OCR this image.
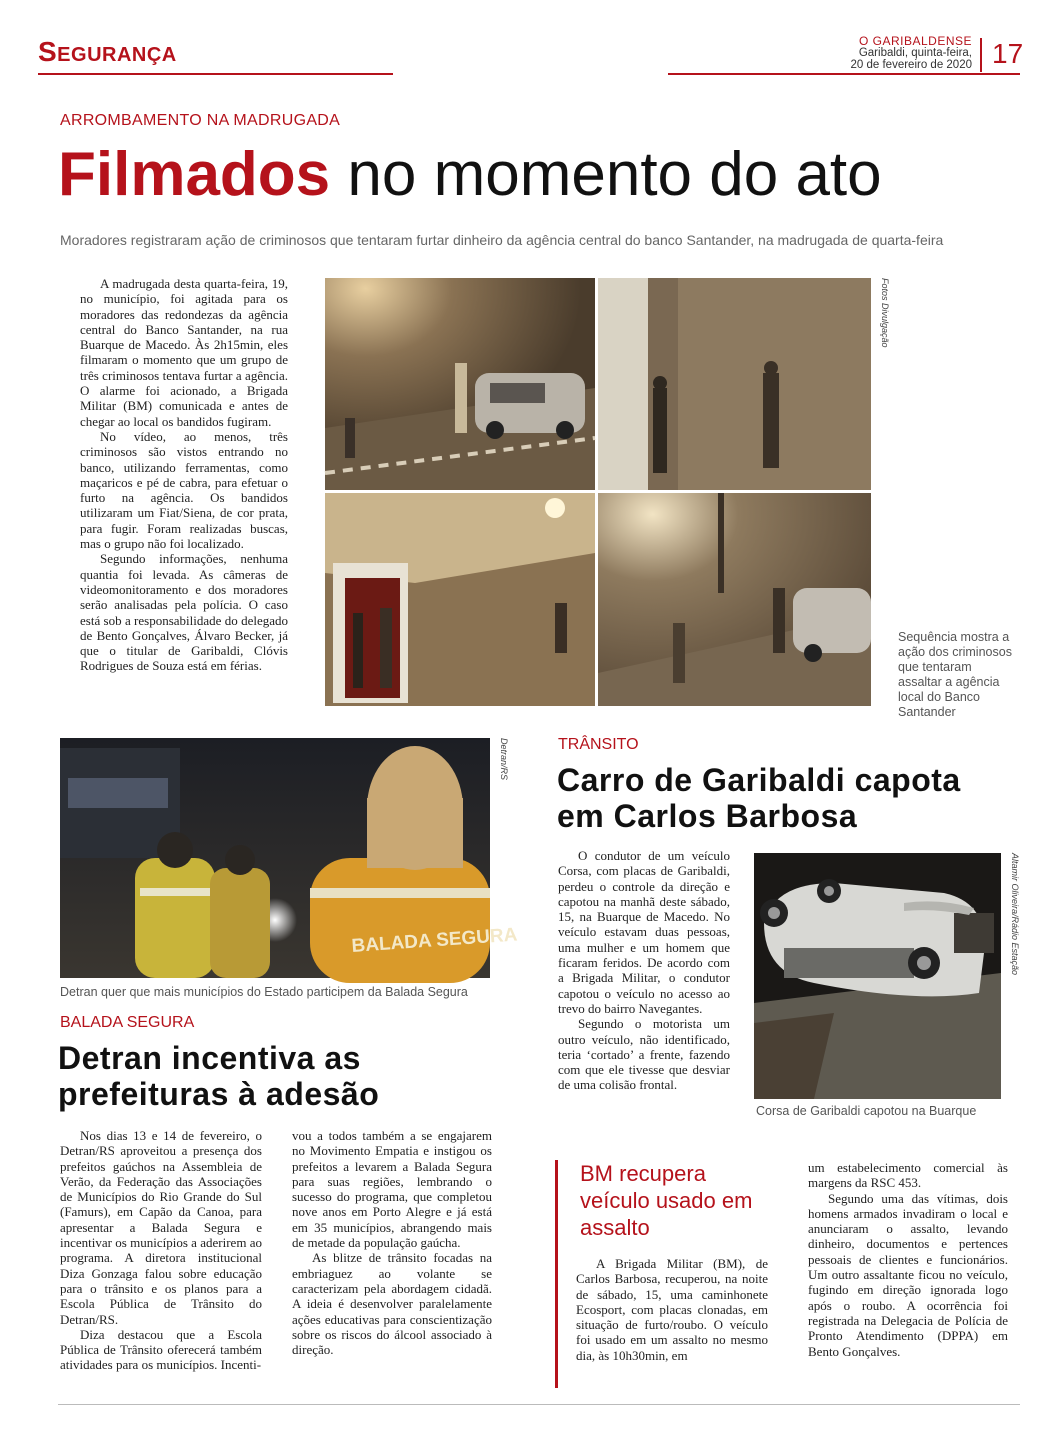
Segurança	O GARIBALDENSE
Garibaldi, quinta-feira,
20 de fevereiro de 2020 17
ARROMBAMENTO NA MADRUGADA
Filmados no momento do ato
Moradores registraram ação de criminosos que tentaram furtar dinheiro da agência central do banco Santander, na madrugada de quarta-feira

A madrugada desta quarta-feira, 19, no município, foi agitada para os moradores das redondezas da agência central do Banco Santander, na rua Buarque de Macedo. Às 2h15min, eles filmaram o momento que um grupo de três criminosos tentava furtar a agência. O alarme foi acionado, a Brigada Militar (BM) comunicada e antes de chegar ao local os bandidos fugiram.

No vídeo, ao menos, três criminosos são vistos entrando no banco, utilizando ferramentas, como maçaricos e pé de cabra, para efetuar o furto na agência. Os bandidos utilizaram um Fiat/Siena, de cor prata, para fugir. Foram realizadas buscas, mas o grupo não foi localizado.

Segundo informações, nenhuma quantia foi levada. As câmeras de videomonitoramento e dos moradores serão analisadas pela polícia. O caso está sob a responsabilidade do delegado de Bento Gonçalves, Álvaro Becker, já que o titular de Garibaldi, Clóvis Rodrigues de Souza está em férias.

Fotos Divulgação
Sequência mostra a ação dos criminosos que tentaram assaltar a agência local do Banco Santander
BALADA SEGURA
Detran/RS
Detran quer que mais municípios do Estado participem da Balada Segura
BALADA SEGURA
Detran incentiva as prefeituras à adesão

Nos dias 13 e 14 de fevereiro, o Detran/RS aproveitou a presença dos prefeitos gaúchos na Assembleia de Verão, da Federação das Associações de Municípios do Rio Grande do Sul (Famurs), em Capão da Canoa, para apresentar a Balada Segura e incentivar os municípios a aderirem ao programa. A diretora institucional Diza Gonzaga falou sobre educação para o trânsito e os planos para a Escola Pública de Trânsito do Detran/RS.

Diza destacou que a Escola Pública de Trânsito oferecerá também atividades para os municípios. Incenti-

vou a todos também a se engajarem no Movimento Empatia e instigou os prefeitos a levarem a Balada Segura para suas regiões, lembrando o sucesso do programa, que completou nove anos em Porto Alegre e já está em 35 municípios, abrangendo mais de metade da população gaúcha.

As blitze de trânsito focadas na embriaguez ao volante se caracterizam pela abordagem cidadã. A ideia é desenvolver paralelamente ações educativas para conscientização sobre os riscos do álcool associado à direção.

TRÂNSITO
Carro de Garibaldi capota em Carlos Barbosa

O condutor de um veículo Corsa, com placas de Garibaldi, perdeu o controle da direção e capotou na manhã deste sábado, 15, na Buarque de Macedo. No veículo estavam duas pessoas, uma mulher e um homem que ficaram feridos. De acordo com a Brigada Militar, o condutor capotou o veículo no acesso ao trevo do bairro Navegantes.

Segundo o motorista um outro veículo, não identificado, teria ‘cortado’ a frente, fazendo com que ele tivesse que desviar de uma colisão frontal.

Altamir Oliveira/Rádio Estação
Corsa de Garibaldi capotou na Buarque
BM recupera veículo usado em assalto

A Brigada Militar (BM), de Carlos Barbosa, recuperou, na noite de sábado, 15, uma caminhonete Ecosport, com placas clonadas, em situação de furto/roubo. O veículo foi usado em um assalto no mesmo dia, às 10h30min, em

um estabelecimento comercial às margens da RSC 453.

Segundo uma das vítimas, dois homens armados invadiram o local e anunciaram o assalto, levando dinheiro, documentos e pertences pessoais de clientes e funcionários. Um outro assaltante ficou no veículo, fugindo em direção ignorada logo após o roubo. A ocorrência foi registrada na Delegacia de Polícia de Pronto Atendimento (DPPA) em Bento Gonçalves.
